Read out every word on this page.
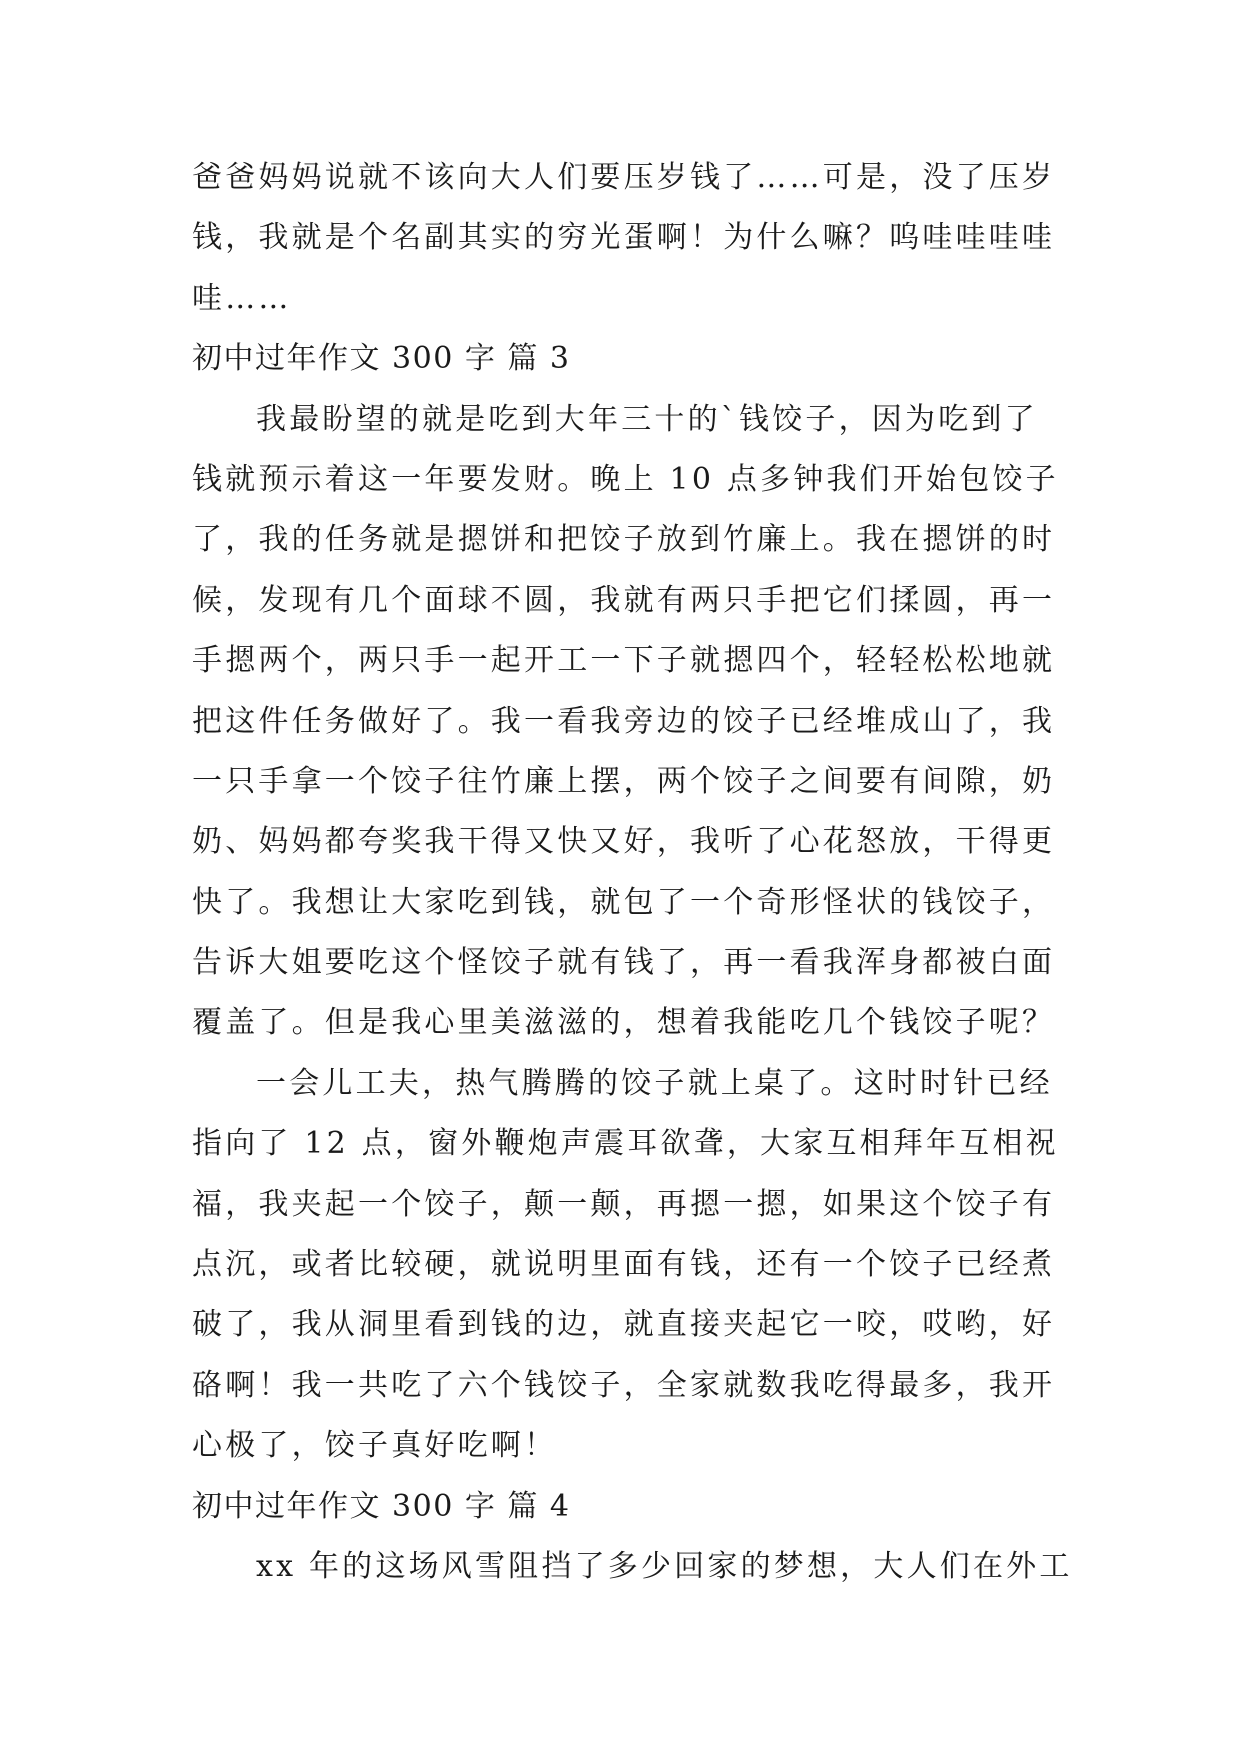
爸爸妈妈说就不该向大人们要压岁钱了……可是，没了压岁
钱，我就是个名副其实的穷光蛋啊！为什么嘛？呜哇哇哇哇
哇……
初中过年作文 300 字 篇 3
我最盼望的就是吃到大年三十的`钱饺子，因为吃到了
钱就预示着这一年要发财。晚上 10 点多钟我们开始包饺子
了，我的任务就是摁饼和把饺子放到竹廉上。我在摁饼的时
候，发现有几个面球不圆，我就有两只手把它们揉圆，再一
手摁两个，两只手一起开工一下子就摁四个，轻轻松松地就
把这件任务做好了。我一看我旁边的饺子已经堆成山了，我
一只手拿一个饺子往竹廉上摆，两个饺子之间要有间隙，奶
奶、妈妈都夸奖我干得又快又好，我听了心花怒放，干得更
快了。我想让大家吃到钱，就包了一个奇形怪状的钱饺子，
告诉大姐要吃这个怪饺子就有钱了，再一看我浑身都被白面
覆盖了。但是我心里美滋滋的，想着我能吃几个钱饺子呢？
一会儿工夫，热气腾腾的饺子就上桌了。这时时针已经
指向了 12 点，窗外鞭炮声震耳欲聋，大家互相拜年互相祝
福，我夹起一个饺子，颠一颠，再摁一摁，如果这个饺子有
点沉，或者比较硬，就说明里面有钱，还有一个饺子已经煮
破了，我从洞里看到钱的边，就直接夹起它一咬，哎哟，好
硌啊！我一共吃了六个钱饺子，全家就数我吃得最多，我开
心极了，饺子真好吃啊！
初中过年作文 300 字 篇 4
xx 年的这场风雪阻挡了多少回家的梦想，大人们在外工
